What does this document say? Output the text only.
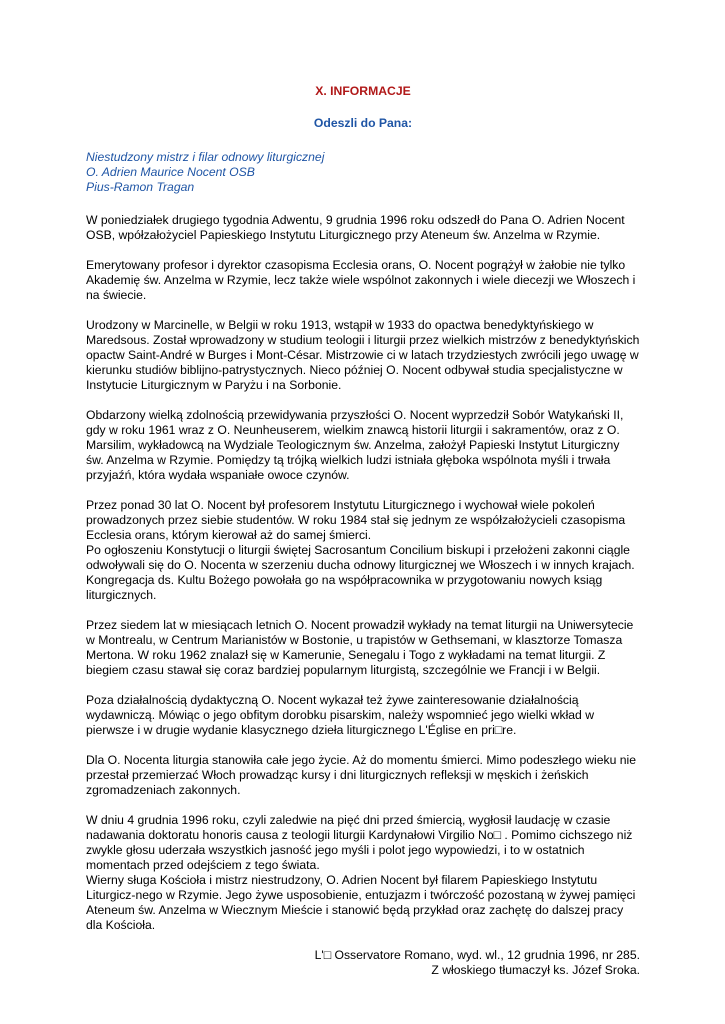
X. INFORMACJE
Odeszli do Pana:
Niestudzony mistrz i filar odnowy liturgicznej
O. Adrien Maurice Nocent OSB
Pius-Ramon Tragan

W poniedziałek drugiego tygodnia Adwentu, 9 grudnia 1996 roku odszedł do Pana O. Adrien Nocent OSB, wpółzałożyciel Papieskiego Instytutu Liturgicznego przy Ateneum św. Anzelma w Rzymie.

Emerytowany profesor i dyrektor czasopisma Ecclesia orans, O. Nocent pogrążył w żałobie nie tylko Akademię św. Anzelma w Rzymie, lecz także wiele wspólnot zakonnych i wiele diecezji we Włoszech i na świecie.

Urodzony w Marcinelle, w Belgii w roku 1913, wstąpił w 1933 do opactwa benedyktyńskiego w Maredsous. Został wprowadzony w studium teologii i liturgii przez wielkich mistrzów z benedyktyńskich opactw Saint-André w Burges i Mont-César. Mistrzowie ci w latach trzydziestych zwrócili jego uwagę w kierunku studiów biblijno-patrystycznych. Nieco później O. Nocent odbywał studia specjalistyczne w Instytucie Liturgicznym w Paryżu i na Sorbonie.

Obdarzony wielką zdolnością przewidywania przyszłości O. Nocent wyprzedził Sobór Watykański II, gdy w roku 1961 wraz z O. Neunheuserem, wielkim znawcą historii liturgii i sakramentów, oraz z O. Marsilim, wykładowcą na Wydziale Teologicznym św. Anzelma, założył Papieski Instytut Liturgiczny św. Anzelma w Rzymie. Pomiędzy tą trójką wielkich ludzi istniała głęboka wspólnota myśli i trwała przyjaźń, która wydała wspaniałe owoce czynów.

Przez ponad 30 lat O. Nocent był profesorem Instytutu Liturgicznego i wychował wiele pokoleń prowadzonych przez siebie studentów. W roku 1984 stał się jednym ze współzałożycieli czasopisma Ecclesia orans, którym kierował aż do samej śmierci.

Po ogłoszeniu Konstytucji o liturgii świętej Sacrosantum Concilium biskupi i przełożeni zakonni ciągle odwoływali się do O. Nocenta w szerzeniu ducha odnowy liturgicznej we Włoszech i w innych krajach. Kongregacja ds. Kultu Bożego powołała go na współpracownika w przygotowaniu nowych ksiąg liturgicznych.

Przez siedem lat w miesiącach letnich O. Nocent prowadził wykłady na temat liturgii na Uniwersytecie w Montrealu, w Centrum Marianistów w Bostonie, u trapistów w Gethsemani, w klasztorze Tomasza Mertona. W roku 1962 znalazł się w Kamerunie, Senegalu i Togo z wykładami na temat liturgii. Z biegiem czasu stawał się coraz bardziej popularnym liturgistą, szczególnie we Francji i w Belgii.

Poza działalnością dydaktyczną O. Nocent wykazał też żywe zainteresowanie działalnością wydawniczą. Mówiąc o jego obfitym dorobku pisarskim, należy wspomnieć jego wielki wkład w pierwsze i w drugie wydanie klasycznego dzieła liturgicznego L'Église en pri□re.

Dla O. Nocenta liturgia stanowiła całe jego życie. Aż do momentu śmierci. Mimo podeszłego wieku nie przestał przemierzać Włoch prowadząc kursy i dni liturgicznych refleksji w męskich i żeńskich zgromadzeniach zakonnych.

W dniu 4 grudnia 1996 roku, czyli zaledwie na pięć dni przed śmiercią, wygłosił laudację w czasie nadawania doktoratu honoris causa z teologii liturgii Kardynałowi Virgilio No□ . Pomimo cichszego niż zwykle głosu uderzała wszystkich jasność jego myśli i polot jego wypowiedzi, i to w ostatnich momentach przed odejściem z tego świata.

Wierny sługa Kościoła i mistrz niestrudzony, O. Adrien Nocent był filarem Papieskiego Instytutu Liturgicz-nego w Rzymie. Jego żywe usposobienie, entuzjazm i twórczość pozostaną w żywej pamięci Ateneum św. Anzelma w Wiecznym Mieście i stanowić będą przykład oraz zachętę do dalszej pracy dla Kościoła.

L'□ Osservatore Romano, wyd. wl., 12 grudnia 1996, nr 285.
Z włoskiego tłumaczył ks. Józef Sroka.
